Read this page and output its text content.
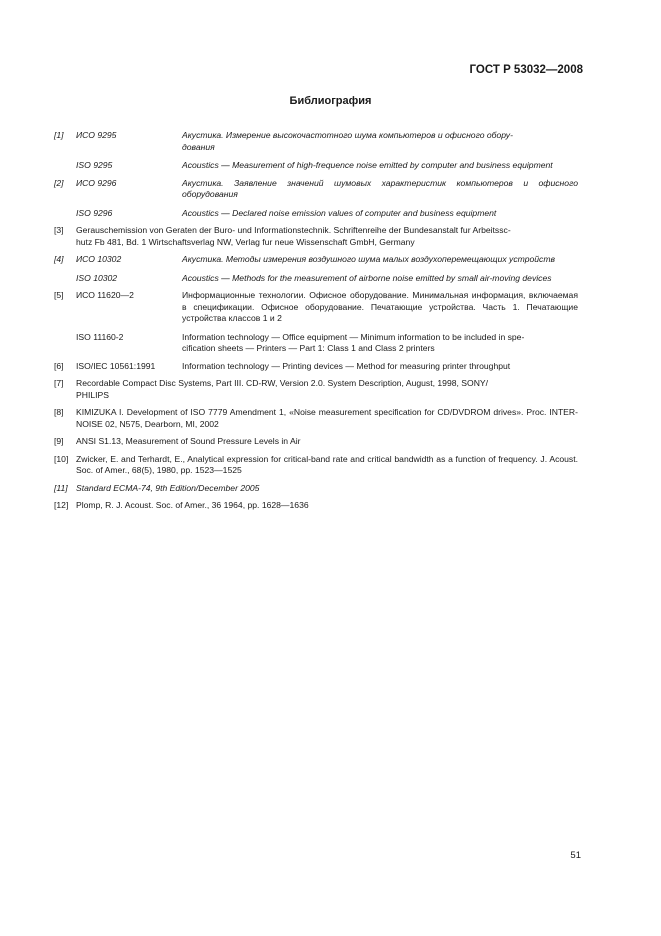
ГОСТ Р 53032—2008
Библиография
[1]	ИСО 9295	Акустика. Измерение высокочастотного шума компьютеров и офисного обору-
дования
ISO 9295	Acoustics — Measurement of high-frequence noise emitted by computer and business equipment
[2]	ИСО 9296	Акустика. Заявление значений шумовых характеристик компьютеров и офисного оборудования
ISO 9296	Acoustics — Declared noise emission values of computer and business equipment
[3]	Gerauschemission von Geraten der Buro- und Informationstechnik. Schriftenreihe der Bundesanstalt fur Arbeitssc-
hutz Fb 481, Bd. 1 Wirtschaftsverlag NW, Verlag fur neue Wissenschaft GmbH, Germany
[4]	ИСО 10302	Акустика. Методы измерения воздушного шума малых воздухоперемещающих устройств
ISO 10302	Acoustics — Methods for the measurement of airborne noise emitted by small air-moving devices
[5]	ИСО 11620—2	Информационные технологии. Офисное оборудование. Минимальная информация, включаемая в спецификации. Офисное оборудование. Печатающие устройства. Часть 1. Печатающие устройства классов 1 и 2
ISO 11160-2	Information technology — Office equipment — Minimum information to be included in spe-
cification sheets — Printers — Part 1: Class 1 and Class 2 printers
[6]	ISO/IEC 10561:1991	Information technology — Printing devices — Method for measuring printer throughput
[7]	Recordable Compact Disc Systems, Part III. CD-RW, Version 2.0. System Description, August, 1998, SONY/
PHILIPS
[8]	KIMIZUKA I. Development of ISO 7779 Amendment 1, «Noise measurement specification for CD/DVDROM drives». Proc. INTER-NOISE 02, N575, Dearborn, MI, 2002
[9]	ANSI S1.13, Measurement of Sound Pressure Levels in Air
[10] Zwicker, E. and Terhardt, E., Analytical expression for critical-band rate and critical bandwidth as a function of frequency. J. Acoust. Soc. of Amer., 68(5), 1980, pp. 1523—1525
[11] Standard ECMA-74, 9th Edition/December 2005
[12] Plomp, R. J. Acoust. Soc. of Amer., 36 1964, pp. 1628—1636
51
